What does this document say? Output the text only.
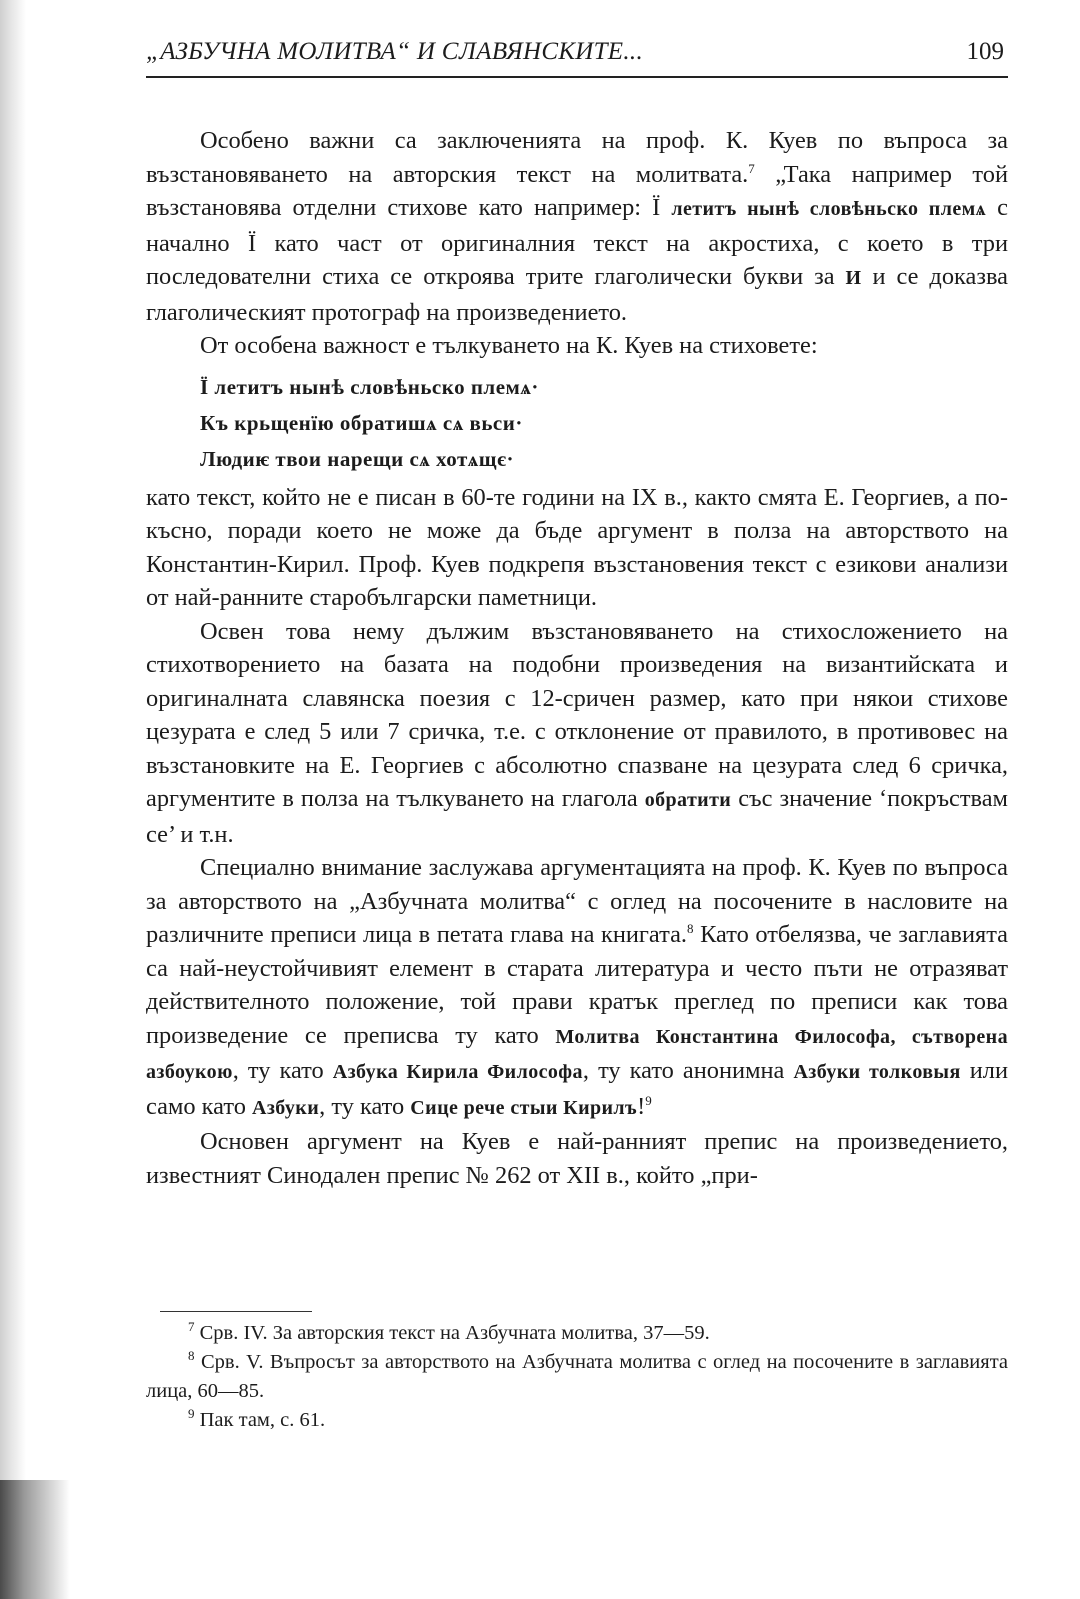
„АЗБУЧНА МОЛИТВА“ И СЛАВЯНСКИТЕ...	109

Особено важни са заключенията на проф. К. Куев по въпроса за възстановяването на авторския текст на молитвата.$^7$ „Така например той възстановява отделни стихове като например: Ї летитъ нынѣ словѣньско племѧ с начално Ї като част от оригиналния текст на акростиха, с което в три последователни стиха се откроява трите глаголически букви за И и се доказва глаголическият протограф на произведението.

От особена важност е тълкуването на К. Куев на стиховете:

Ї летитъ нынѣ словѣньско племѧ·
Къ крьщенїю обратишѧ сѧ вьси·
Людиѥ твои нарещи сѧ хотѧщє·

като текст, който не е писан в 60-те години на IX в., както смята Е. Георгиев, а по-късно, поради което не може да бъде аргумент в полза на авторството на Константин-Кирил. Проф. Куев подкрепя възстановения текст с езикови анализи от най-ранните старобългарски паметници.

Освен това нему дължим възстановяването на стихосложението на стихотворението на базата на подобни произведения на византийската и оригиналната славянска поезия с 12-сричен размер, като при някои стихове цезурата е след 5 или 7 сричка, т.е. с отклонение от правилото, в противовес на възстановките на Е. Георгиев с абсолютно спазване на цезурата след 6 сричка, аргументите в полза на тълкуването на глагола обратити със значение ‘покръствам се’ и т.н.

Специално внимание заслужава аргументацията на проф. К. Куев по въпроса за авторството на „Азбучната молитва“ с оглед на посочените в насловите на различните преписи лица в петата глава на книгата.$^8$ Като отбелязва, че заглавията са най-неустойчивият елемент в старата литература и често пъти не отразяват действителното положение, той прави кратък преглед по преписи как това произведение се преписва ту като Молитва Константина Философа, сътворена азбоукою, ту като Азбука Кирила Философа, ту като анонимна Азбуки толковыя или само като Азбуки, ту като Сице рече стыи Кирилъ!$^9$

Основен аргумент на Куев е най-ранният препис на произведението, известният Синодален препис № 262 от XII в., който „при-

$^7$ Срв. IV. За авторския текст на Азбучната молитва, 37—59.

$^8$ Срв. V. Въпросът за авторството на Азбучната молитва с оглед на посочените в заглавията лица, 60—85.

$^9$ Пак там, с. 61.
